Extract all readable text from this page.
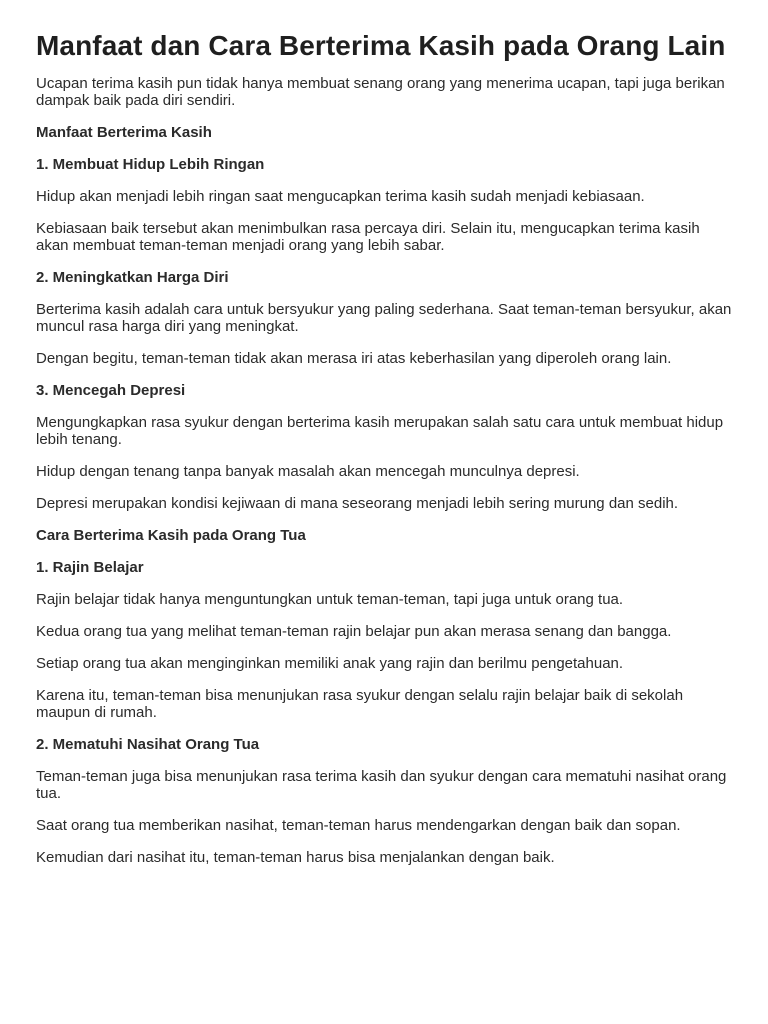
Manfaat dan Cara Berterima Kasih pada Orang Lain

Ucapan terima kasih pun tidak hanya membuat senang orang yang menerima ucapan, tapi juga berikan dampak baik pada diri sendiri.

Manfaat Berterima Kasih
1. Membuat Hidup Lebih Ringan

Hidup akan menjadi lebih ringan saat mengucapkan terima kasih sudah menjadi kebiasaan.

Kebiasaan baik tersebut akan menimbulkan rasa percaya diri. Selain itu, mengucapkan terima kasih akan membuat teman-teman menjadi orang yang lebih sabar.

2. Meningkatkan Harga Diri

Berterima kasih adalah cara untuk bersyukur yang paling sederhana. Saat teman-teman bersyukur, akan muncul rasa harga diri yang meningkat.

Dengan begitu, teman-teman tidak akan merasa iri atas keberhasilan yang diperoleh orang lain.

3. Mencegah Depresi

Mengungkapkan rasa syukur dengan berterima kasih merupakan salah satu cara untuk membuat hidup lebih tenang.

Hidup dengan tenang tanpa banyak masalah akan mencegah munculnya depresi.

Depresi merupakan kondisi kejiwaan di mana seseorang menjadi lebih sering murung dan sedih.

Cara Berterima Kasih pada Orang Tua
1. Rajin Belajar

Rajin belajar tidak hanya menguntungkan untuk teman-teman, tapi juga untuk orang tua.

Kedua orang tua yang melihat teman-teman rajin belajar pun akan merasa senang dan bangga.

Setiap orang tua akan menginginkan memiliki anak yang rajin dan berilmu pengetahuan.

Karena itu, teman-teman bisa menunjukan rasa syukur dengan selalu rajin belajar baik di sekolah maupun di rumah.

2. Mematuhi Nasihat Orang Tua

Teman-teman juga bisa menunjukan rasa terima kasih dan syukur dengan cara mematuhi nasihat orang tua.

Saat orang tua memberikan nasihat, teman-teman harus mendengarkan dengan baik dan sopan.

Kemudian dari nasihat itu, teman-teman harus bisa menjalankan dengan baik.
